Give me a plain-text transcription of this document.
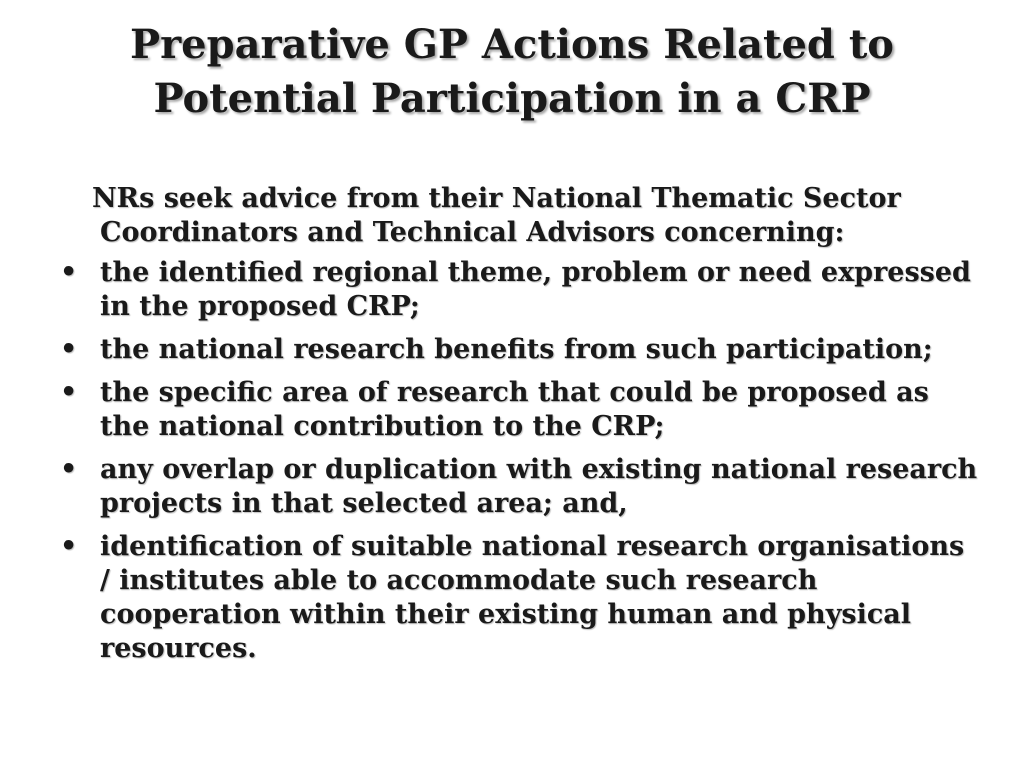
Preparative GP Actions Related to
Potential Participation in a CRP

NRs seek advice from their National Thematic Sector Coordinators and Technical Advisors concerning:

• the identified regional theme, problem or need expressed in the proposed CRP;
• the national research benefits from such participation;
• the specific area of research that could be proposed as the national contribution to the CRP;
• any overlap or duplication with existing national research projects in that selected area; and,
• identification of suitable national research organisations / institutes able to accommodate such research cooperation within their existing human and physical resources.
